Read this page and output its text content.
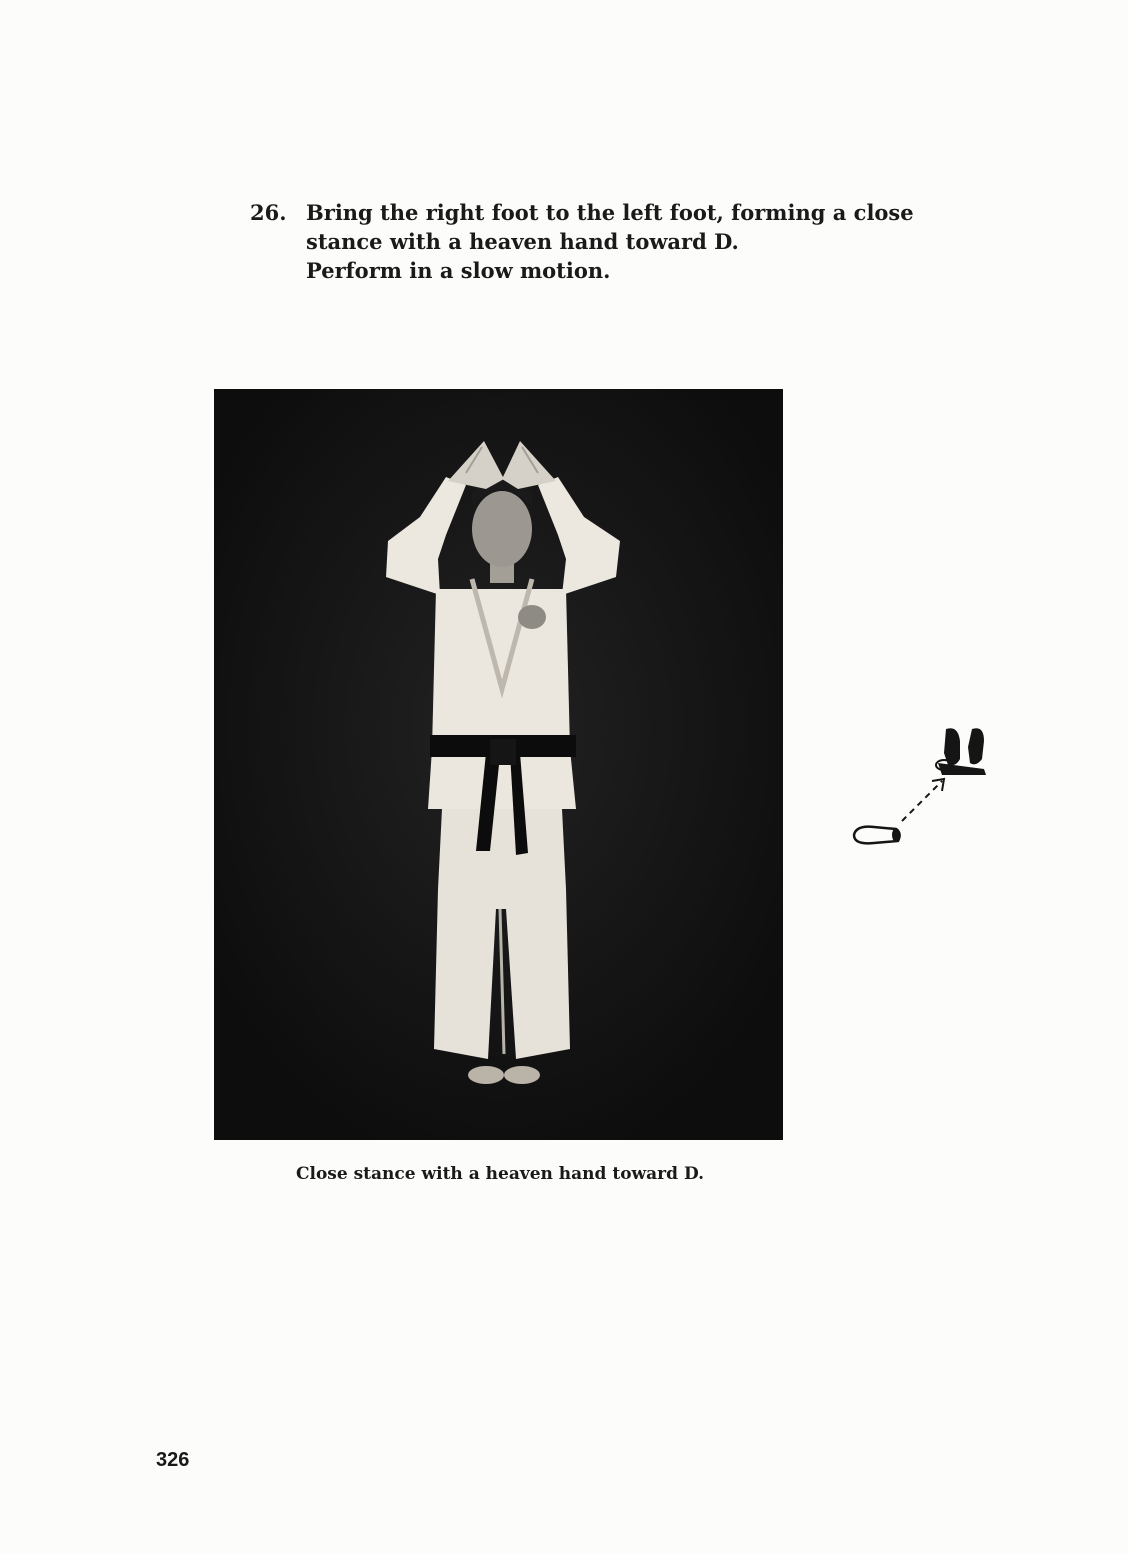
26. Bring the right foot to the left foot, forming a close
stance with a heaven hand toward D.
Perform in a slow motion.
Close stance with a heaven hand toward D.
326
